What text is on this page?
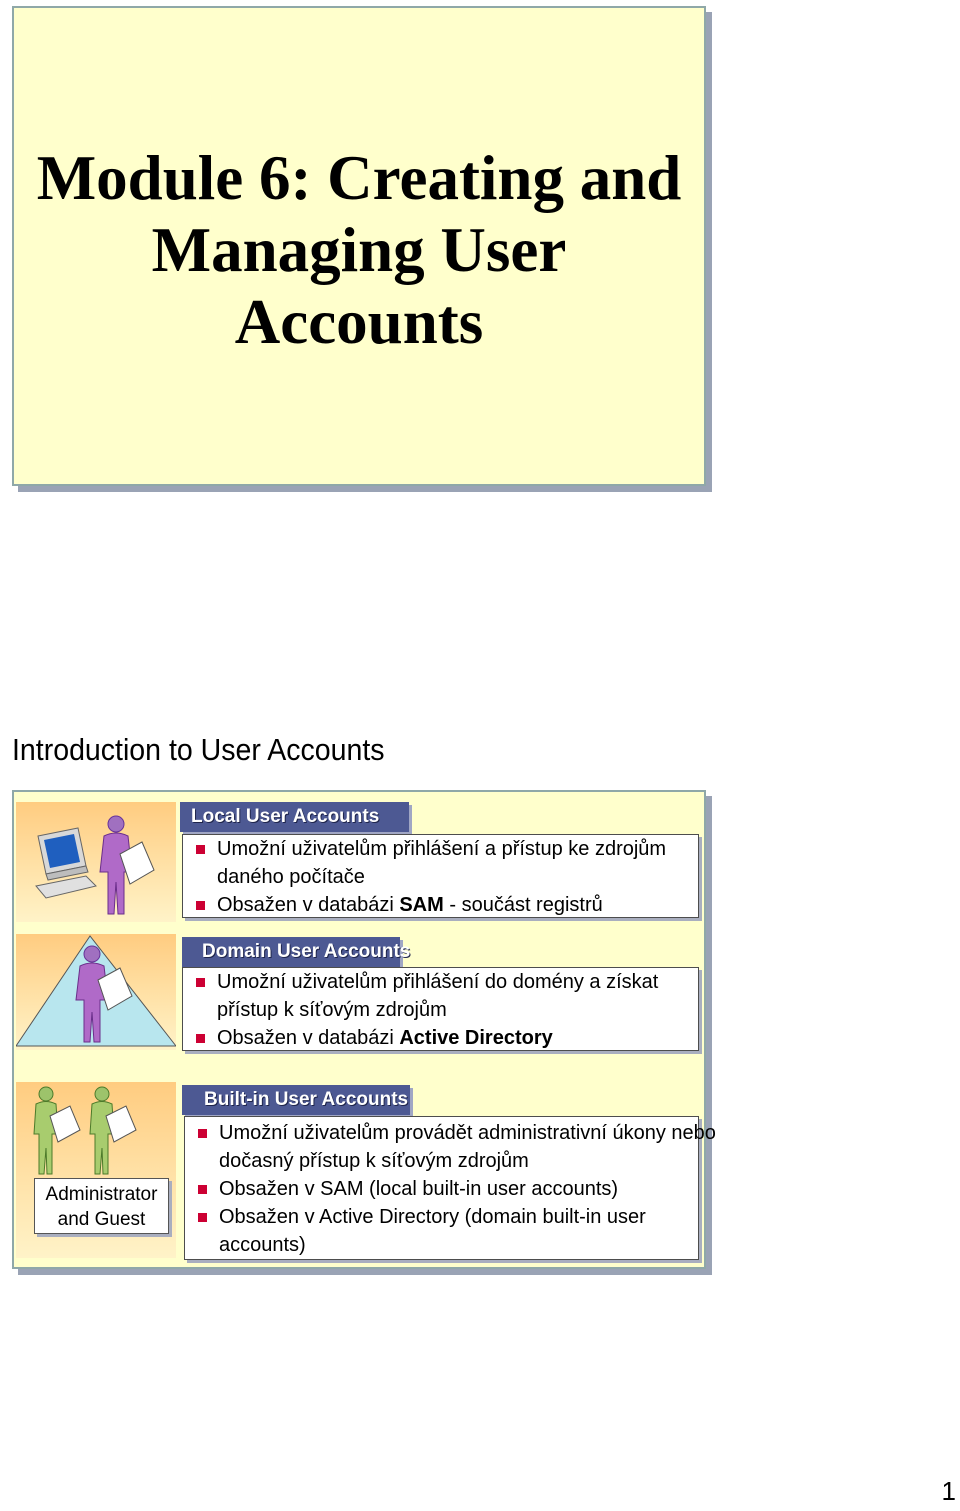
Module 6: Creating and
Managing User
Accounts
Introduction to User Accounts
Administrator
and Guest
Local User Accounts
Umožní uživatelům přihlášení a přístup ke zdrojům
daného počítače
Obsažen v databázi SAM - součást registrů
Domain User Accounts
Umožní uživatelům přihlášení do domény a získat
přístup k síťovým zdrojům
Obsažen v databázi Active Directory
Built-in User Accounts
Umožní uživatelům provádět administrativní úkony nebo
dočasný přístup k síťovým zdrojům
Obsažen v SAM (local built-in user accounts)
Obsažen v Active Directory (domain built-in user
accounts)
1
